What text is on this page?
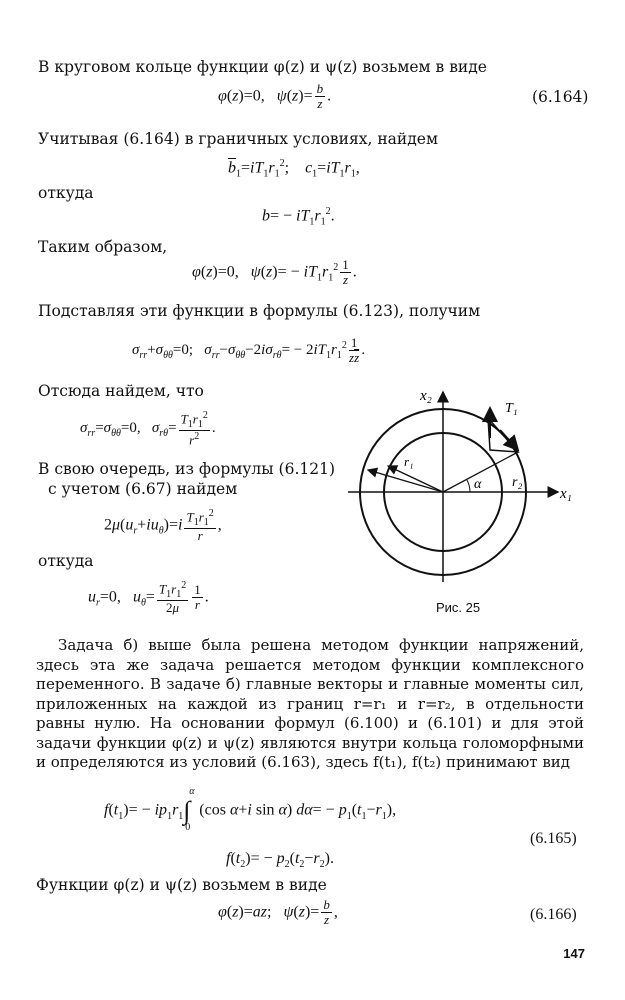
В круговом кольце функции φ(z) и ψ(z) возьмем в виде
φ(z)=0,   $\psi(z)= \frac{b}{z}$ .	(6.164)
Учитывая (6.164) в граничных условиях, найдем
$\overline{b}_1=iT_1r_1^2$;    $c_1=iT_1r_1$,
откуда
$b= - iT_1r_1^2$.
Таким образом,
φ(z)=0,   $\psi(z)= - iT_1r_1^2 \frac{1}{z}$ .
Подставляя эти функции в формулы (6.123), получим
$\sigma_{rr}+\sigma_{\theta\theta}=0$;   $\sigma_{rr}-\sigma_{\theta\theta}-2i\sigma_{r\theta}= - 2iT_1r_1^2 \frac{1}{z\overline{z}}$ .
Отсюда найдем, что
$\sigma_{rr}=\sigma_{\theta\theta}=0$,   $\sigma_{r\theta}= \frac{T_1r_1^2}{r^2}$ .
В свою очередь, из формулы (6.121)
с учетом (6.67) найдем
$2\mu(u_r+iu_\theta)=i \frac{T_1r_1^2}{r}$ ,
откуда
$u_r=0$,   $u_\theta= \frac{T_1r_1^2}{2\mu} \frac{1}{r}$ .
x₂
x₁
T₁
r₁
r₂
α
Рис. 25
Задача б) выше была решена методом функции напряжений, здесь эта же задача решается методом функции комплексного переменного. В задаче б) главные векторы и главные моменты сил, приложенных на каждой из границ r=r₁ и r=r₂, в отдельности равны нулю. На основании формул (6.100) и (6.101) и для этой задачи функции φ(z) и ψ(z) являются внутри кольца голоморфными и определяются из условий (6.163), здесь f(t₁), f(t₂) принимают вид
$f(t_1)= - ip_1r_1\int$
α
0
(cos α+i sin α) $d\alpha= - p_1(t_1-r_1)$,
(6.165)
$f(t_2)= - p_2(t_2-r_2)$.
Функции φ(z) и ψ(z) возьмем в виде
φ(z)=az;   $\psi(z)= \frac{b}{z}$ ,	(6.166)
147
